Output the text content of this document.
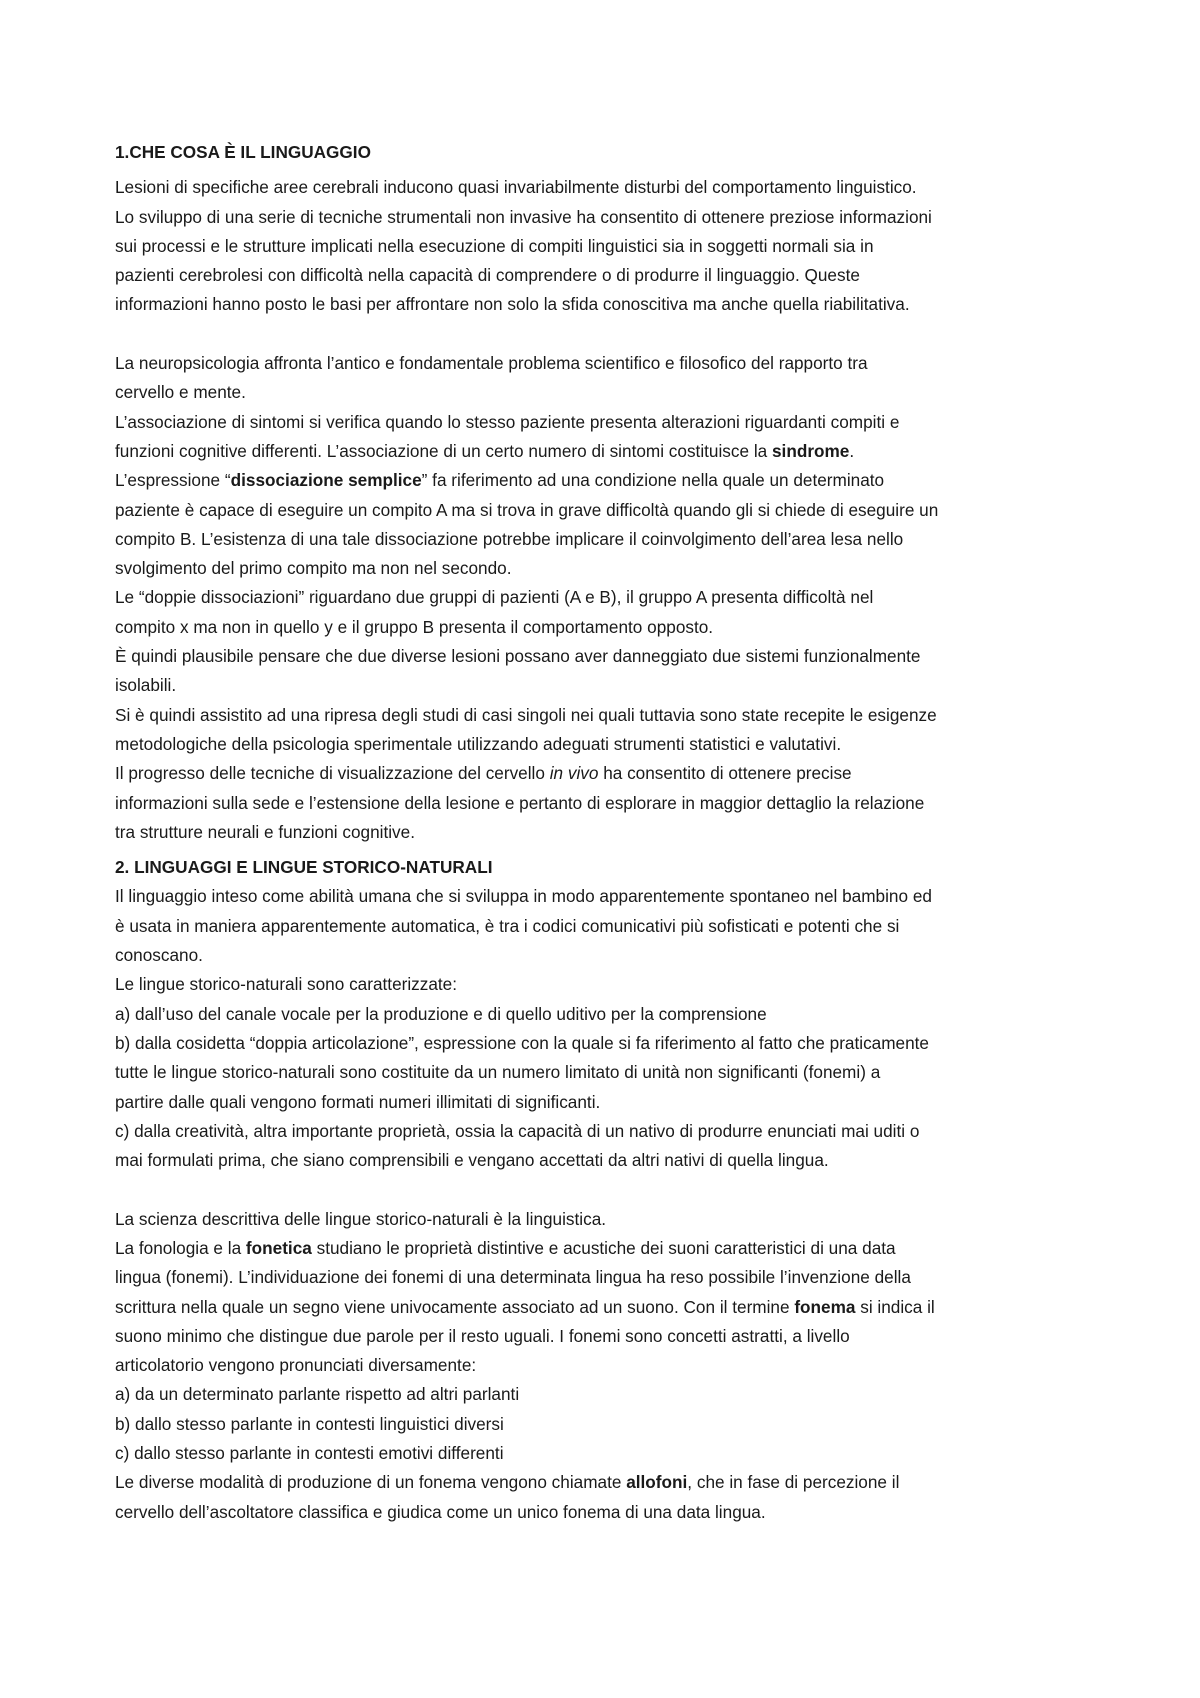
1.CHE COSA È IL LINGUAGGIO
Lesioni di specifiche aree cerebrali inducono quasi invariabilmente disturbi del comportamento linguistico.
Lo sviluppo di una serie di tecniche strumentali non invasive ha consentito di ottenere preziose informazioni
sui processi e le strutture implicati nella esecuzione di compiti linguistici sia in soggetti normali sia in
pazienti cerebrolesi con difficoltà nella capacità di comprendere o di produrre il linguaggio. Queste
informazioni hanno posto le basi per affrontare non solo la sfida conoscitiva ma anche quella riabilitativa.
La neuropsicologia affronta l’antico e fondamentale problema scientifico e filosofico del rapporto tra
cervello e mente.
L’associazione di sintomi si verifica quando lo stesso paziente presenta alterazioni riguardanti compiti e
funzioni cognitive differenti. L’associazione di un certo numero di sintomi costituisce la sindrome.
L’espressione “dissociazione semplice” fa riferimento ad una condizione nella quale un determinato
paziente è capace di eseguire un compito A ma si trova in grave difficoltà quando gli si chiede di eseguire un
compito B. L’esistenza di una tale dissociazione potrebbe implicare il coinvolgimento dell’area lesa nello
svolgimento del primo compito ma non nel secondo.
Le “doppie dissociazioni” riguardano due gruppi di pazienti (A e B), il gruppo A presenta difficoltà nel
compito x ma non in quello y e il gruppo B presenta il comportamento opposto.
È quindi plausibile pensare che due diverse lesioni possano aver danneggiato due sistemi funzionalmente
isolabili.
Si è quindi assistito ad una ripresa degli studi di casi singoli nei quali tuttavia sono state recepite le esigenze
metodologiche della psicologia sperimentale utilizzando adeguati strumenti statistici e valutativi.
Il progresso delle tecniche di visualizzazione del cervello in vivo ha consentito di ottenere precise
informazioni sulla sede e l’estensione della lesione e pertanto di esplorare in maggior dettaglio la relazione
tra strutture neurali e funzioni cognitive.
2. LINGUAGGI E LINGUE STORICO-NATURALI
Il linguaggio inteso come abilità umana che si sviluppa in modo apparentemente spontaneo nel bambino ed
è usata in maniera apparentemente automatica, è tra i codici comunicativi più sofisticati e potenti che si
conoscano.
Le lingue storico-naturali sono caratterizzate:
a) dall’uso del canale vocale per la produzione e di quello uditivo per la comprensione
b) dalla cosidetta “doppia articolazione”, espressione con la quale si fa riferimento al fatto che praticamente
tutte le lingue storico-naturali sono costituite da un numero limitato di unità non significanti (fonemi) a
partire dalle quali vengono formati numeri illimitati di significanti.
c) dalla creatività, altra importante proprietà, ossia la capacità di un nativo di produrre enunciati mai uditi o
mai formulati prima, che siano comprensibili e vengano accettati da altri nativi di quella lingua.
La scienza descrittiva delle lingue storico-naturali è la linguistica.
La fonologia e la fonetica studiano le proprietà distintive e acustiche dei suoni caratteristici di una data
lingua (fonemi). L’individuazione dei fonemi di una determinata lingua ha reso possibile l’invenzione della
scrittura nella quale un segno viene univocamente associato ad un suono. Con il termine fonema si indica il
suono minimo che distingue due parole per il resto uguali. I fonemi sono concetti astratti, a livello
articolatorio vengono pronunciati diversamente:
a) da un determinato parlante rispetto ad altri parlanti
b) dallo stesso parlante in contesti linguistici diversi
c) dallo stesso parlante in contesti emotivi differenti
Le diverse modalità di produzione di un fonema vengono chiamate allofoni, che in fase di percezione il
cervello dell’ascoltatore classifica e giudica come un unico fonema di una data lingua.
